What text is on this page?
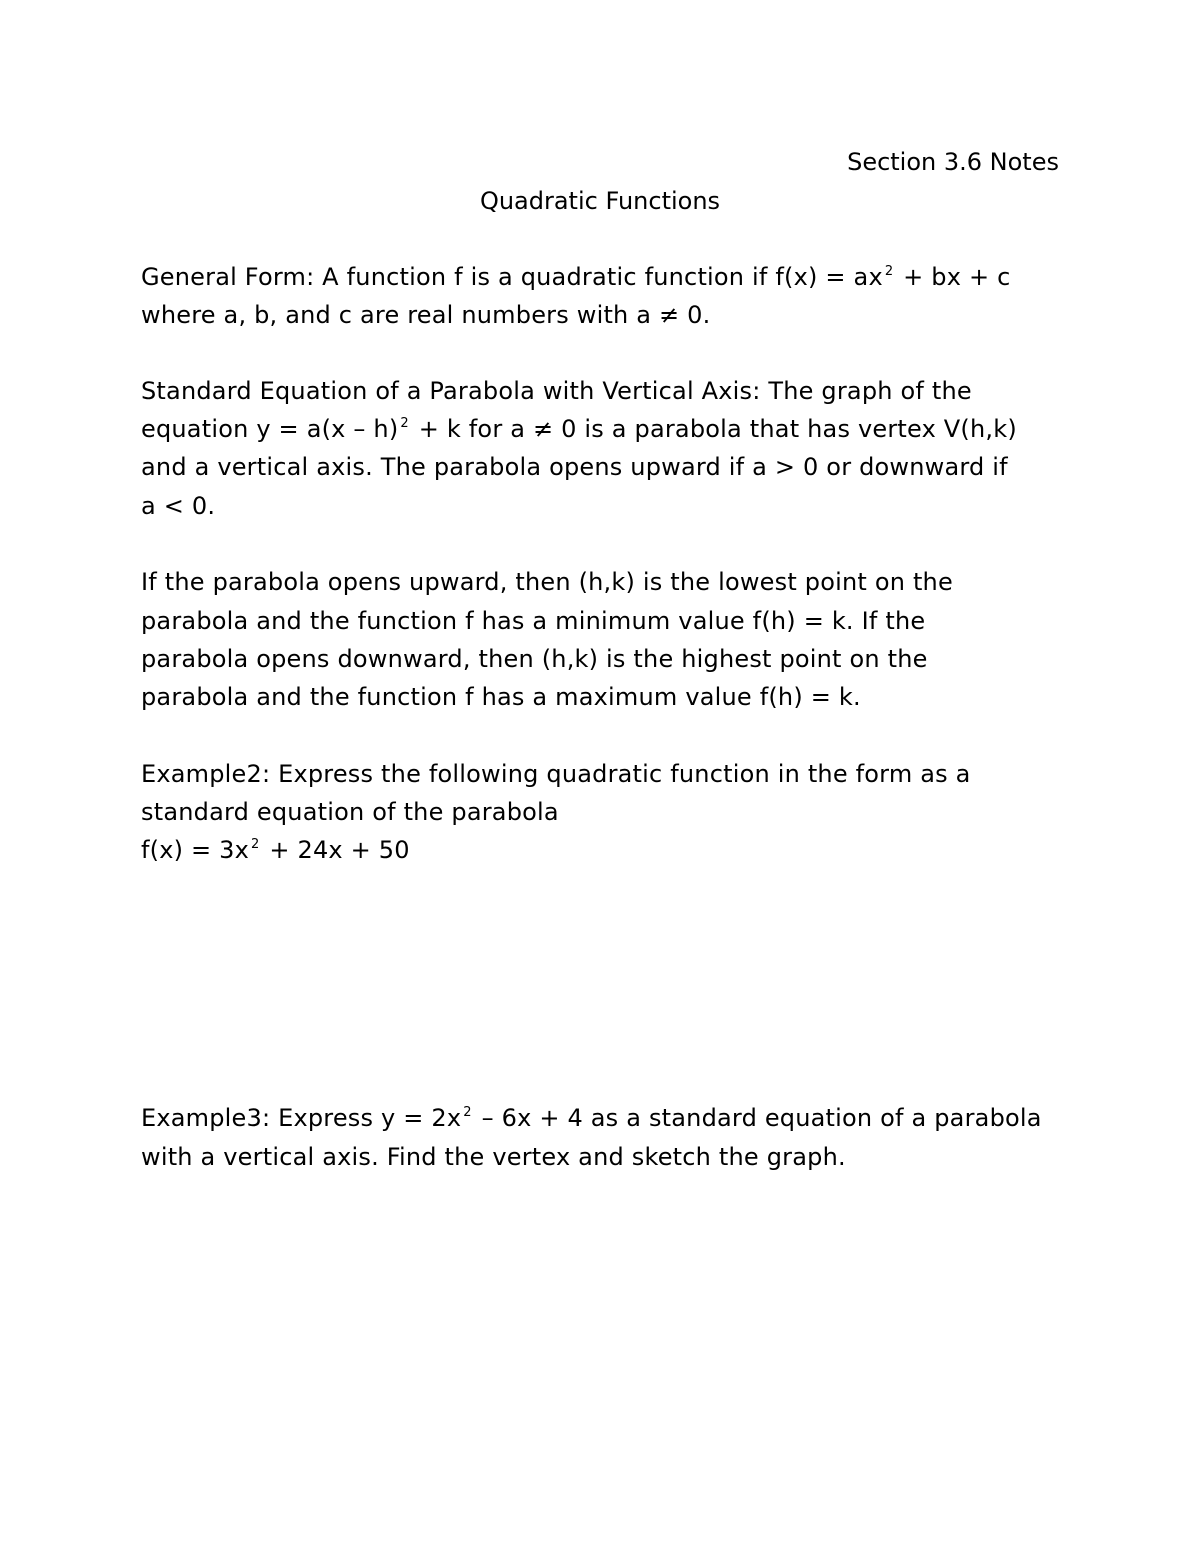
Section 3.6 Notes
Quadratic Functions
General Form: A function f is a quadratic function if f(x) = ax $^2$ + bx + c
where a, b, and c are real numbers with a ≠ 0.
Standard Equation of a Parabola with Vertical Axis: The graph of the
equation y = a(x – h) $^2$ + k for a ≠ 0 is a parabola that has vertex V(h,k)
and a vertical axis. The parabola opens upward if a > 0 or downward if
a < 0.
If the parabola opens upward, then (h,k) is the lowest point on the
parabola and the function f has a minimum value f(h) = k. If the
parabola opens downward, then (h,k) is the highest point on the
parabola and the function f has a maximum value f(h) = k.
Example2: Express the following quadratic function in the form as a
standard equation of the parabola
f(x) = 3x $^2$ + 24x + 50
Example3: Express y = 2x $^2$ – 6x + 4 as a standard equation of a parabola
with a vertical axis. Find the vertex and sketch the graph.
